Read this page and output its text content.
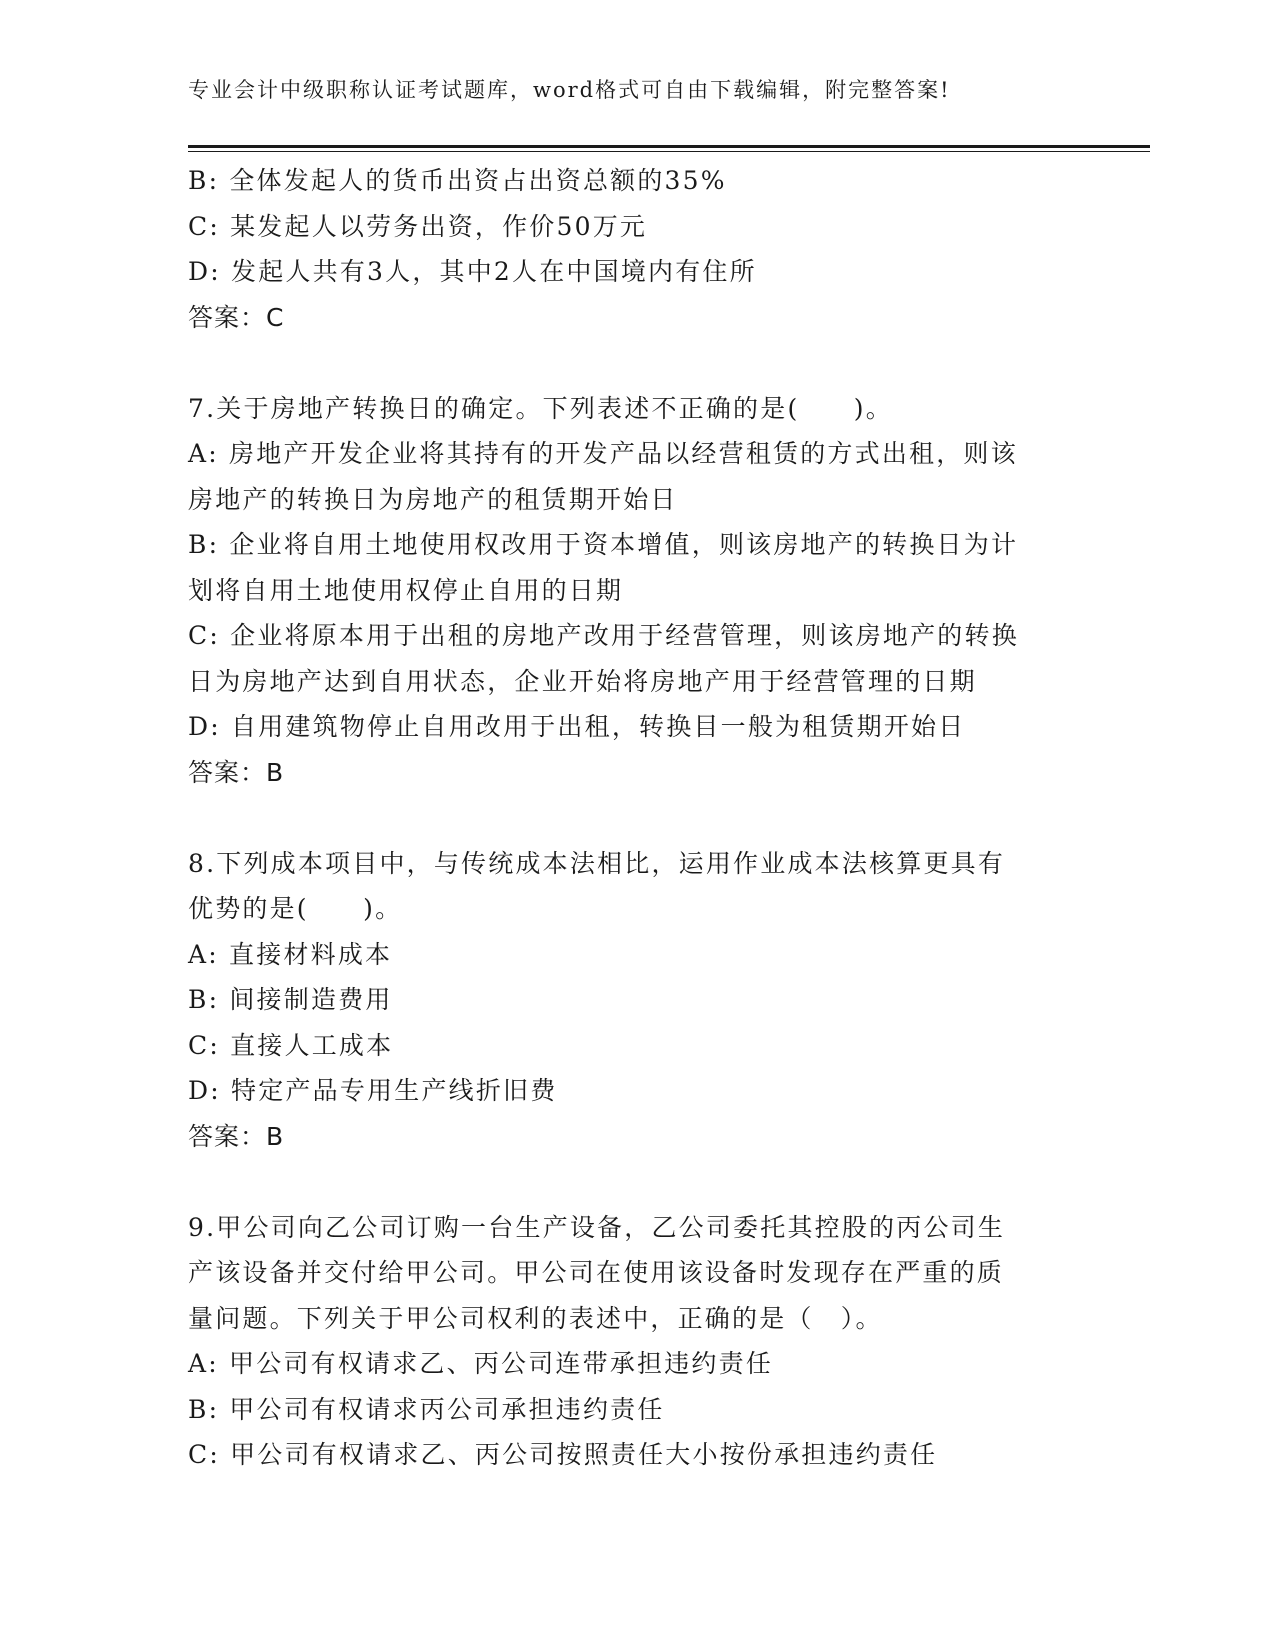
专业会计中级职称认证考试题库，word格式可自由下载编辑，附完整答案!
B: 全体发起人的货币出资占出资总额的35%
C: 某发起人以劳务出资，作价50万元
D: 发起人共有3人，其中2人在中国境内有住所
答案：C
7.关于房地产转换日的确定。下列表述不正确的是(　　)。
A: 房地产开发企业将其持有的开发产品以经营租赁的方式出租，则该
房地产的转换日为房地产的租赁期开始日
B: 企业将自用土地使用权改用于资本增值，则该房地产的转换日为计
划将自用土地使用权停止自用的日期
C: 企业将原本用于出租的房地产改用于经营管理，则该房地产的转换
日为房地产达到自用状态，企业开始将房地产用于经营管理的日期
D: 自用建筑物停止自用改用于出租，转换目一般为租赁期开始日
答案：B
8.下列成本项目中，与传统成本法相比，运用作业成本法核算更具有
优势的是(　　)。
A: 直接材料成本
B: 间接制造费用
C: 直接人工成本
D: 特定产品专用生产线折旧费
答案：B
9.甲公司向乙公司订购一台生产设备，乙公司委托其控股的丙公司生
产该设备并交付给甲公司。甲公司在使用该设备时发现存在严重的质
量问题。下列关于甲公司权利的表述中，正确的是（　）。
A: 甲公司有权请求乙、丙公司连带承担违约责任
B: 甲公司有权请求丙公司承担违约责任
C: 甲公司有权请求乙、丙公司按照责任大小按份承担违约责任
